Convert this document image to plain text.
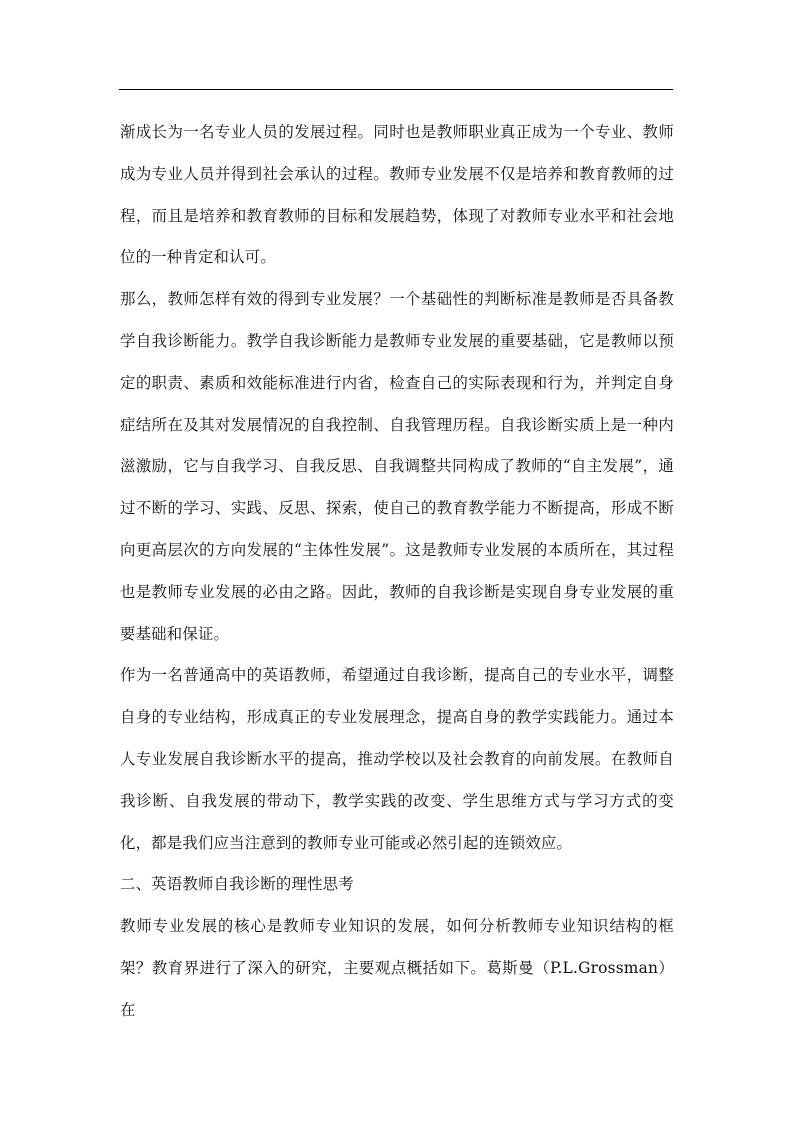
渐成长为一名专业人员的发展过程。同时也是教师职业真正成为一个专业、教师成为专业人员并得到社会承认的过程。教师专业发展不仅是培养和教育教师的过程，而且是培养和教育教师的目标和发展趋势，体现了对教师专业水平和社会地位的一种肯定和认可。

那么，教师怎样有效的得到专业发展？一个基础性的判断标准是教师是否具备教学自我诊断能力。教学自我诊断能力是教师专业发展的重要基础，它是教师以预定的职责、素质和效能标准进行内省，检查自己的实际表现和行为，并判定自身症结所在及其对发展情况的自我控制、自我管理历程。自我诊断实质上是一种内滋激励，它与自我学习、自我反思、自我调整共同构成了教师的“自主发展”，通过不断的学习、实践、反思、探索，使自己的教育教学能力不断提高，形成不断向更高层次的方向发展的“主体性发展”。这是教师专业发展的本质所在，其过程也是教师专业发展的必由之路。因此，教师的自我诊断是实现自身专业发展的重要基础和保证。

作为一名普通高中的英语教师，希望通过自我诊断，提高自己的专业水平，调整自身的专业结构，形成真正的专业发展理念，提高自身的教学实践能力。通过本人专业发展自我诊断水平的提高，推动学校以及社会教育的向前发展。在教师自我诊断、自我发展的带动下，教学实践的改变、学生思维方式与学习方式的变化，都是我们应当注意到的教师专业可能或必然引起的连锁效应。

二、英语教师自我诊断的理性思考

教师专业发展的核心是教师专业知识的发展，如何分析教师专业知识结构的框架？教育界进行了深入的研究，主要观点概括如下。葛斯曼（P.L.Grossman）在
